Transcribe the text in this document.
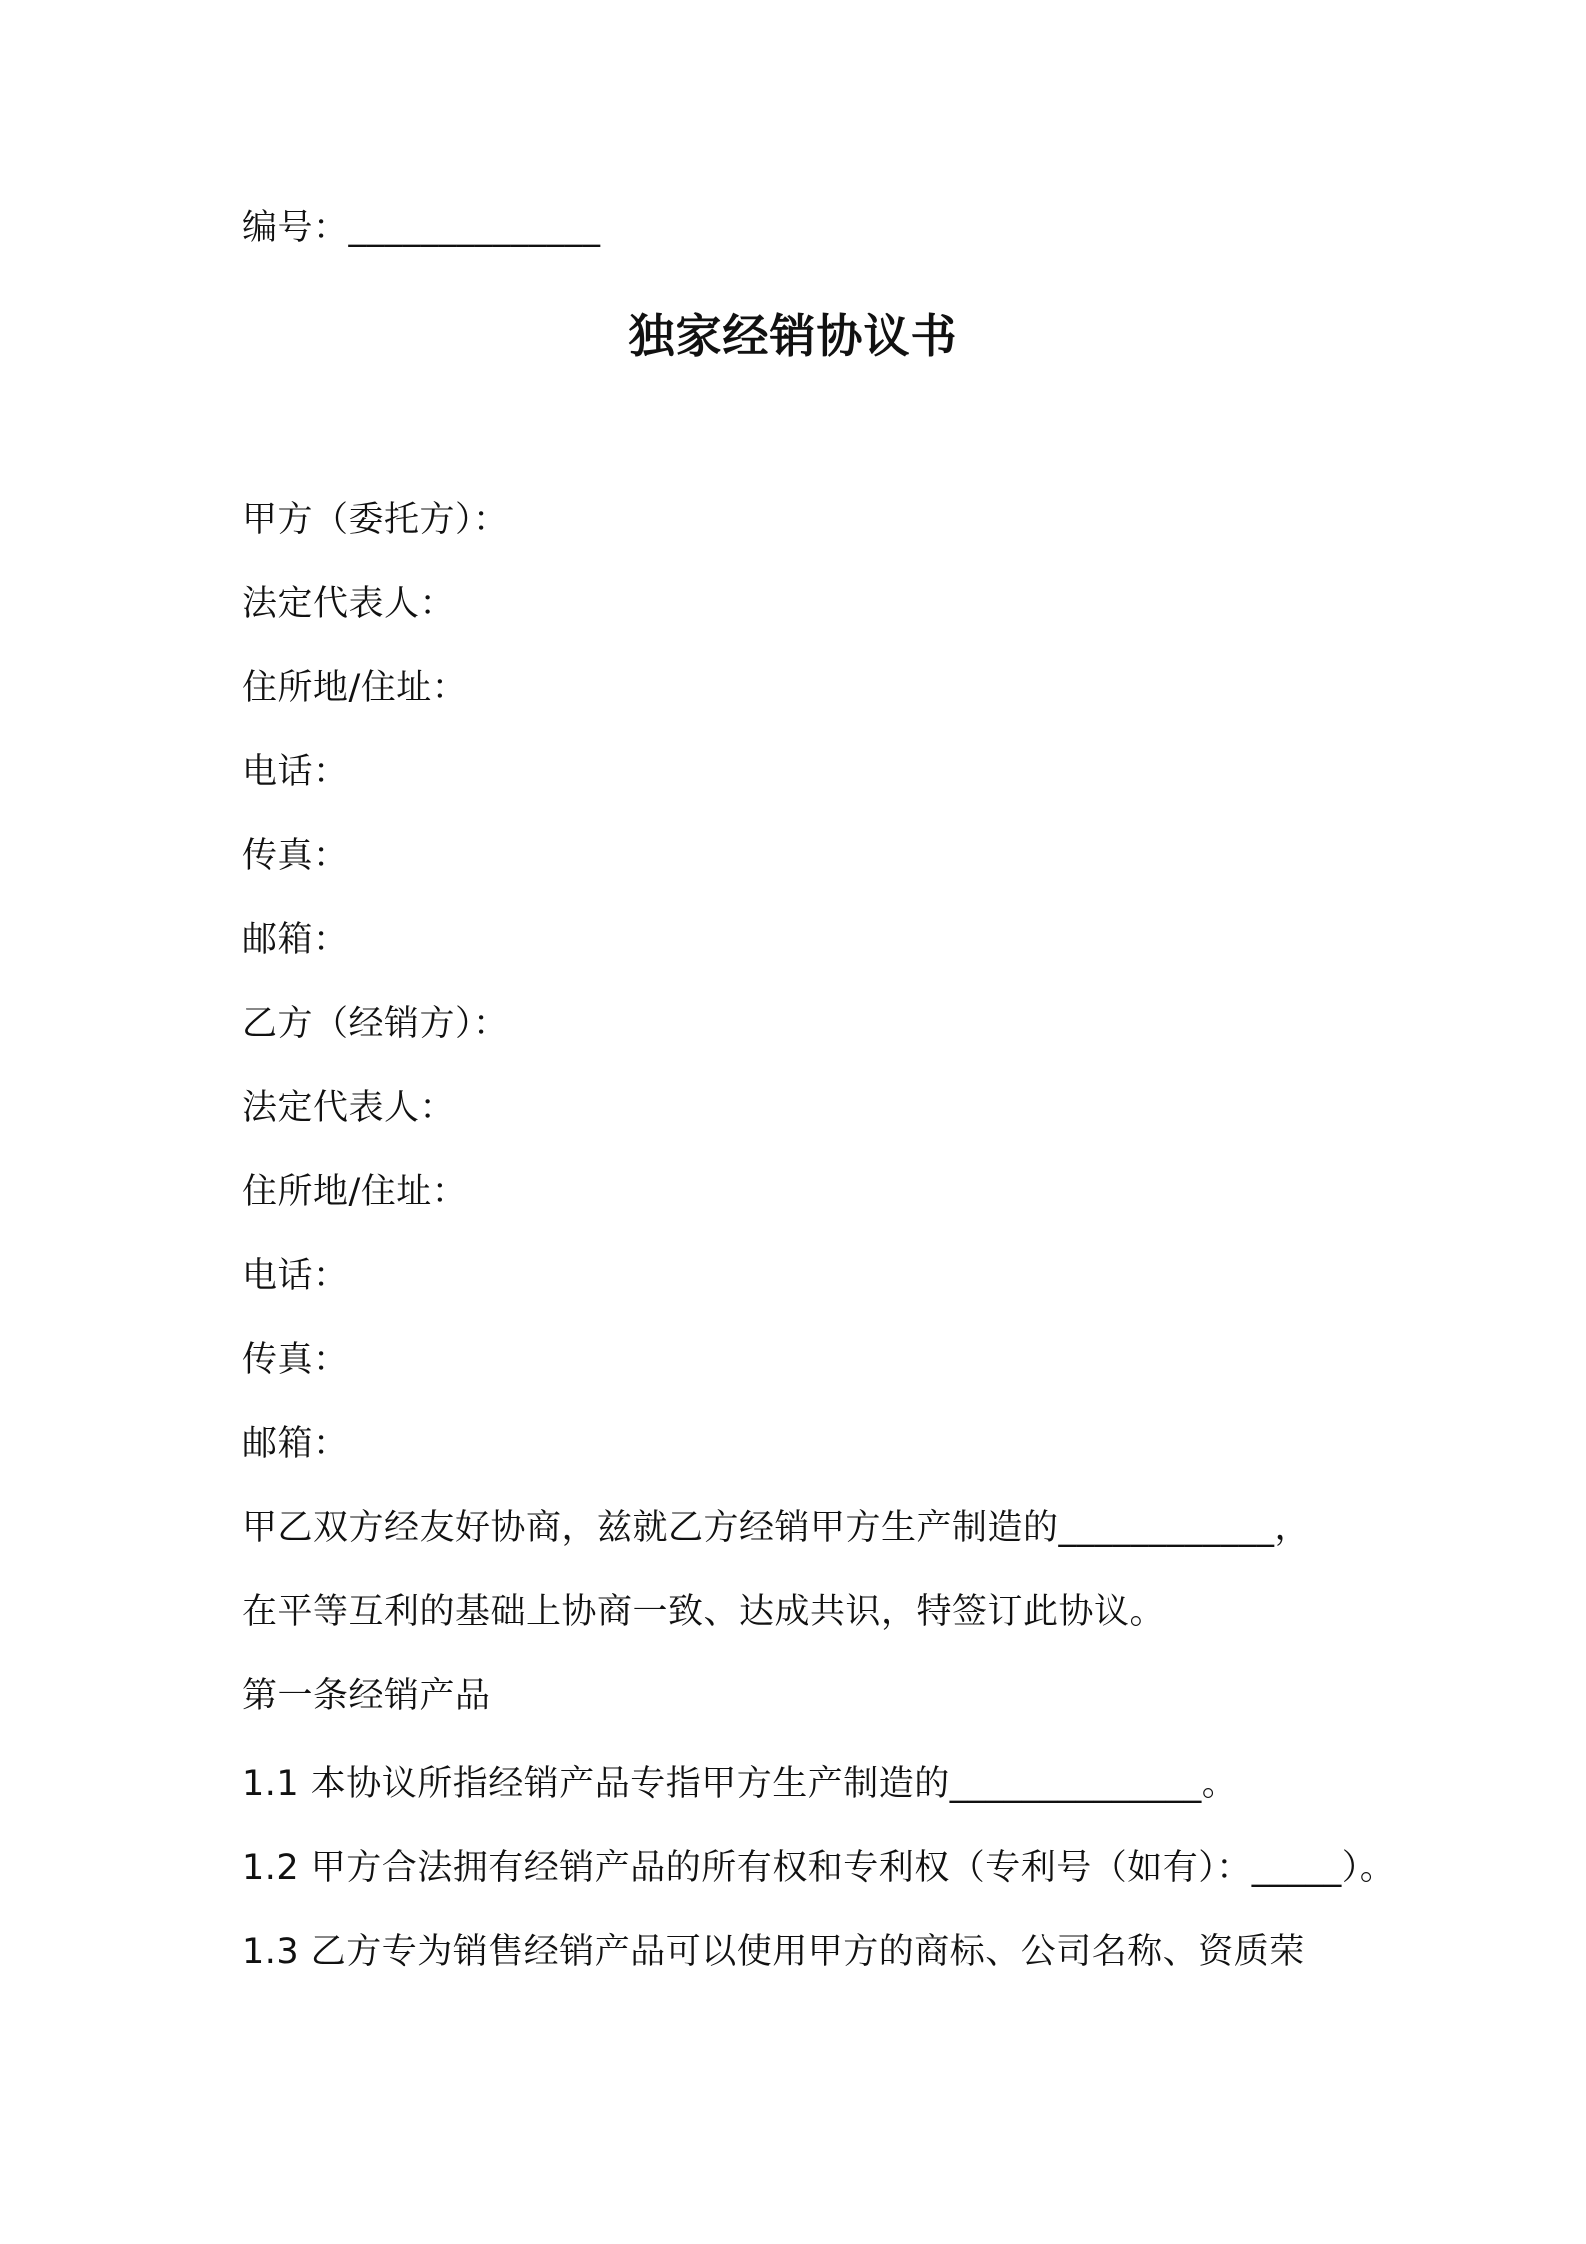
编号：______________
独家经销协议书
甲方（委托方）：
法定代表人：
住所地/住址：
电话：
传真：
邮箱：
乙方（经销方）：
法定代表人：
住所地/住址：
电话：
传真：
邮箱：
甲乙双方经友好协商，兹就乙方经销甲方生产制造的____________，
在平等互利的基础上协商一致、达成共识，特签订此协议。
第一条经销产品
1.1 本协议所指经销产品专指甲方生产制造的______________。
1.2 甲方合法拥有经销产品的所有权和专利权（专利号（如有）：_____）。
1.3 乙方专为销售经销产品可以使用甲方的商标、公司名称、资质荣
